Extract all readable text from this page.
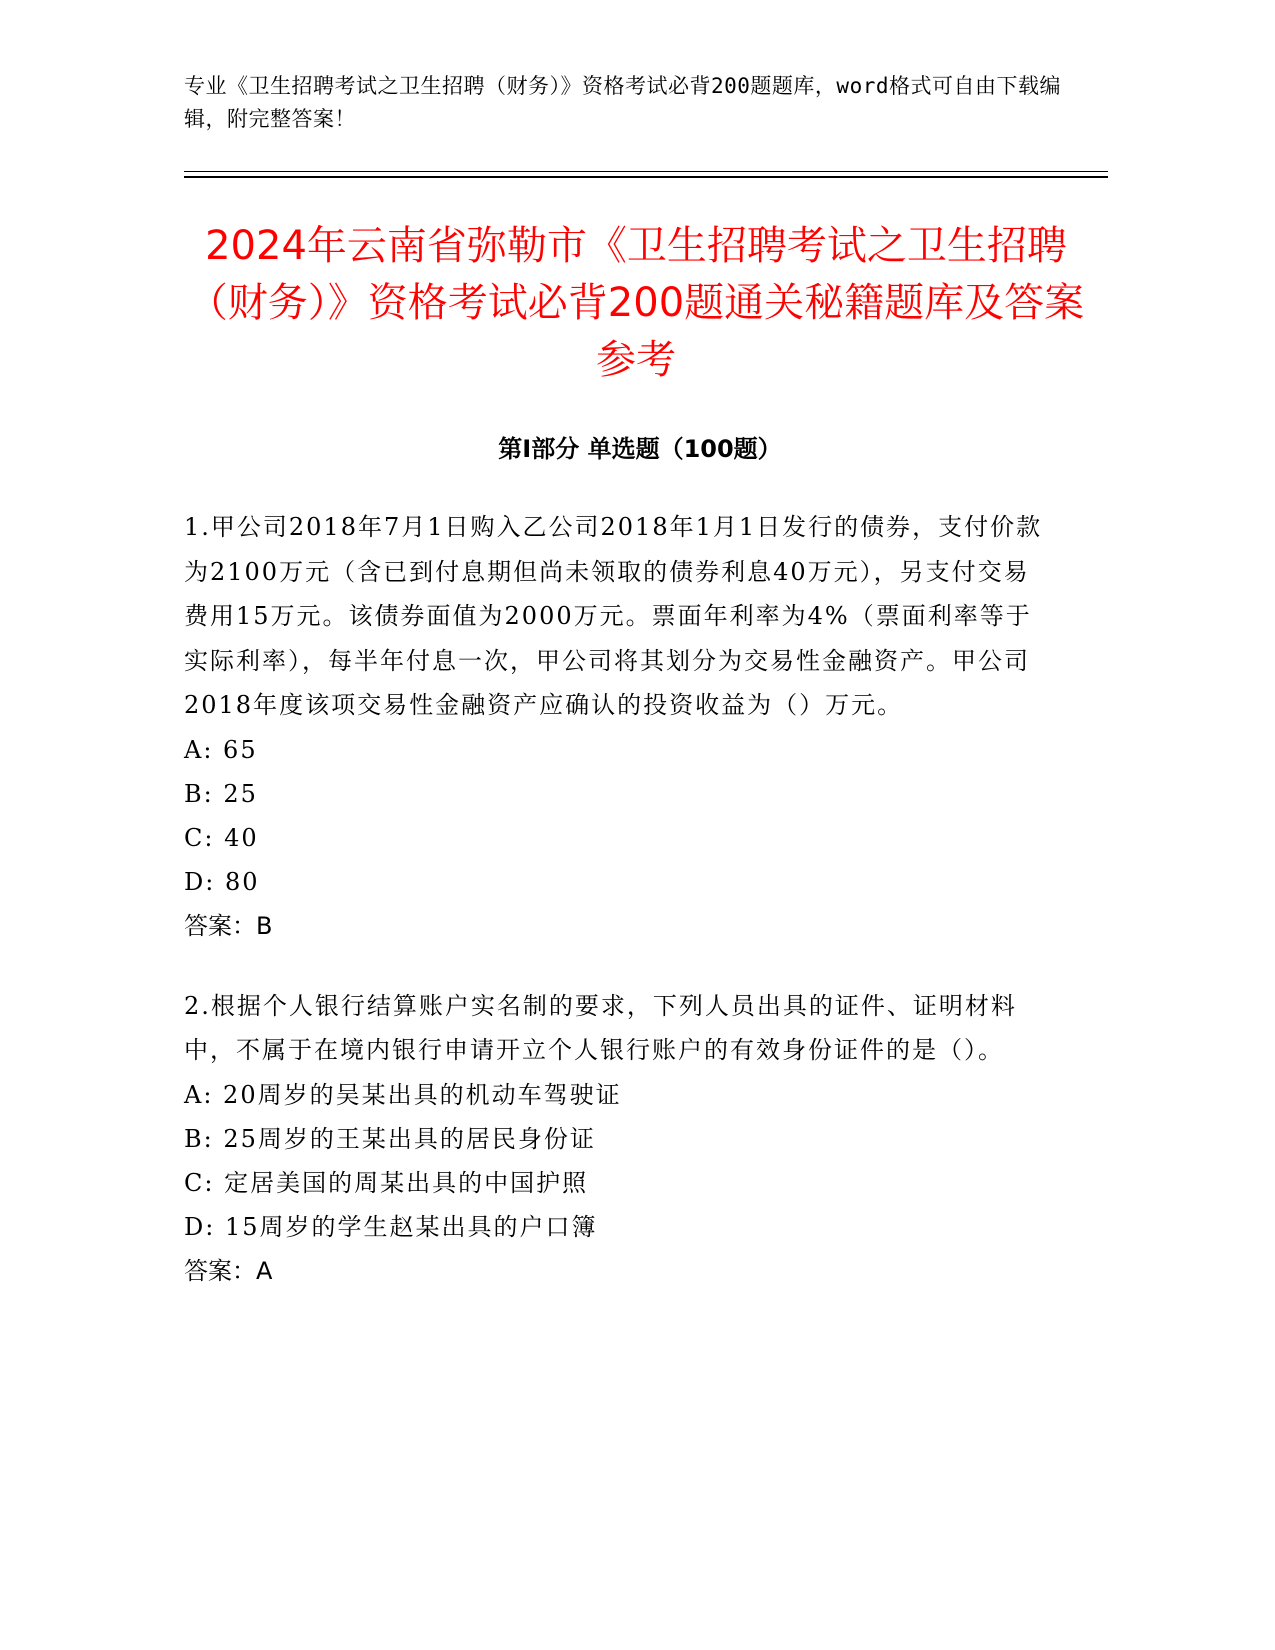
专业《卫生招聘考试之卫生招聘（财务）》资格考试必背200题题库，word格式可自由下载编辑，附完整答案！
2024年云南省弥勒市《卫生招聘考试之卫生招聘（财务）》资格考试必背200题通关秘籍题库及答案参考
第Ⅰ部分 单选题（100题）
1.甲公司2018年7月1日购入乙公司2018年1月1日发行的债券，支付价款为2100万元（含已到付息期但尚未领取的债券利息40万元），另支付交易费用15万元。该债券面值为2000万元。票面年利率为4%（票面利率等于实际利率），每半年付息一次，甲公司将其划分为交易性金融资产。甲公司2018年度该项交易性金融资产应确认的投资收益为（）万元。
A: 65
B: 25
C: 40
D: 80
答案：B
2.根据个人银行结算账户实名制的要求，下列人员出具的证件、证明材料中，不属于在境内银行申请开立个人银行账户的有效身份证件的是（）。
A: 20周岁的吴某出具的机动车驾驶证
B: 25周岁的王某出具的居民身份证
C: 定居美国的周某出具的中国护照
D: 15周岁的学生赵某出具的户口簿
答案：A
